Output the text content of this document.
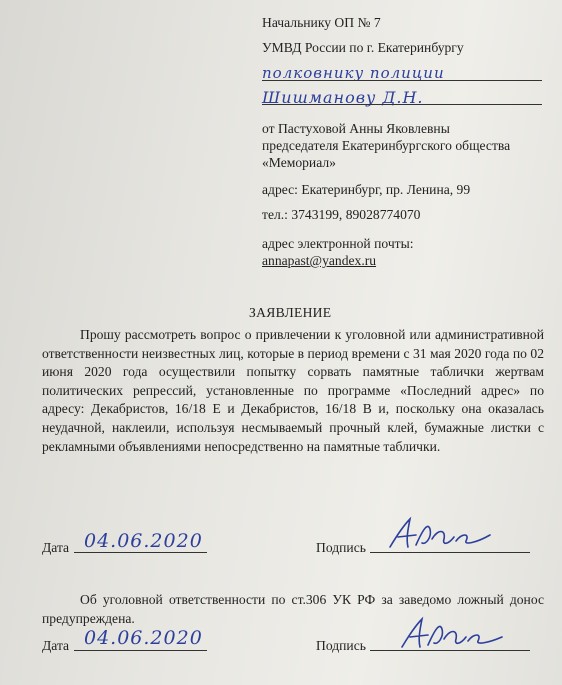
Начальнику ОП № 7
УМВД России по г. Екатеринбургу
полковнику полиции
Шишманову Д.Н.
от Пастуховой Анны Яковлевны
председателя Екатеринбургского общества
«Мемориал»
адрес: Екатеринбург, пр. Ленина, 99
тел.: 3743199, 89028774070
адрес электронной почты:
annapast@yandex.ru
ЗАЯВЛЕНИЕ
Прошу рассмотреть вопрос о привлечении к уголовной или административной ответственности неизвестных лиц, которые в период времени с 31 мая 2020 года по 02 июня 2020 года осуществили попытку сорвать памятные таблички жертвам политических репрессий, установленные по программе «Последний адрес» по адресу: Декабристов, 16/18 Е и Декабристов, 16/18 В и, поскольку она оказалась неудачной, наклеили, используя несмываемый прочный клей, бумажные листки с рекламными объявлениями непосредственно на памятные таблички.
Дата 04.06.2020	Подпись
Об уголовной ответственности по ст.306 УК РФ за заведомо ложный донос предупреждена.
Дата 04.06.2020	Подпись
